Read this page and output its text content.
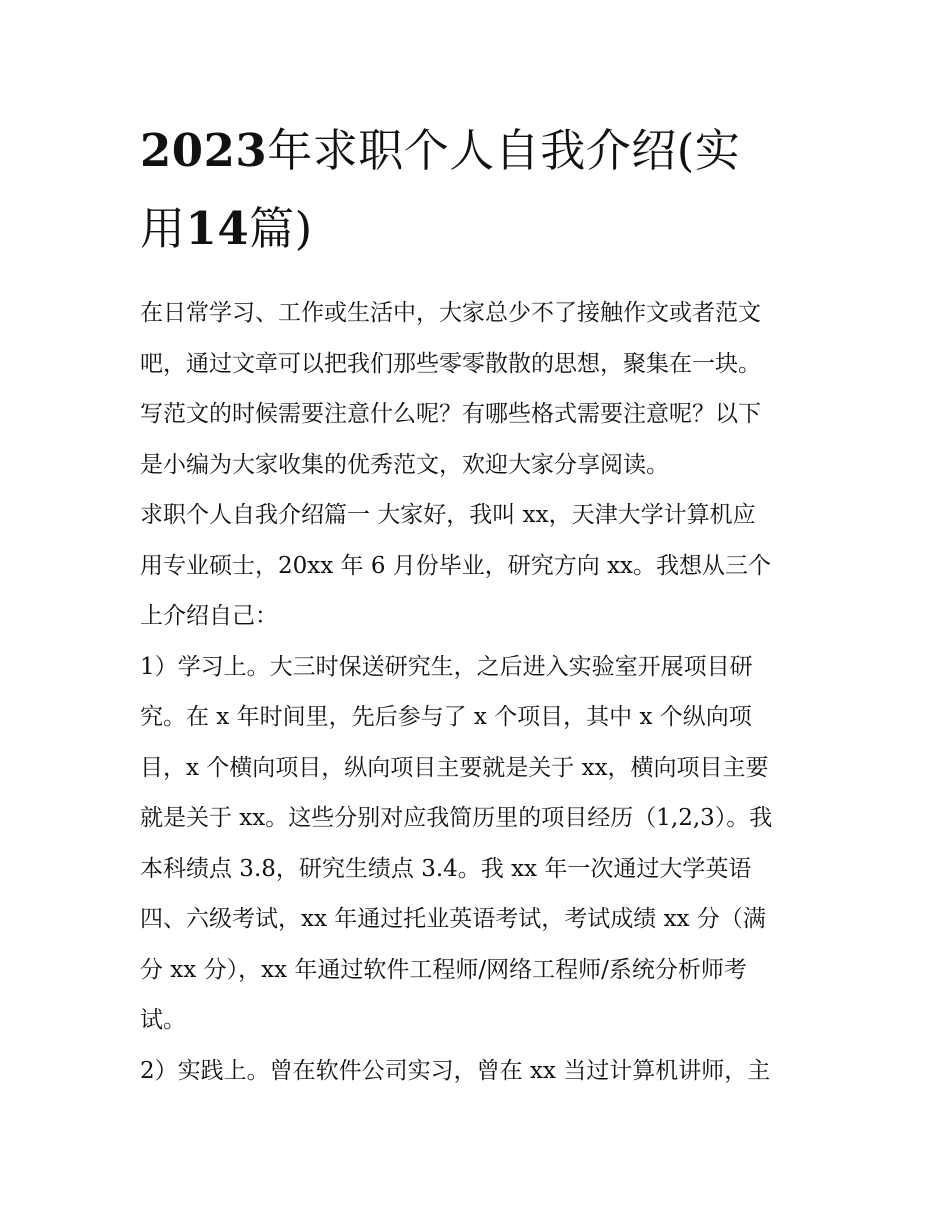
2023年求职个人自我介绍(实
用14篇)
在日常学习、工作或生活中，大家总少不了接触作文或者范文
吧，通过文章可以把我们那些零零散散的思想，聚集在一块。
写范文的时候需要注意什么呢？有哪些格式需要注意呢？以下
是小编为大家收集的优秀范文，欢迎大家分享阅读。
求职个人自我介绍篇一 大家好，我叫 xx，天津大学计算机应
用专业硕士，20xx 年 6 月份毕业，研究方向 xx。我想从三个
上介绍自己：
1）学习上。大三时保送研究生，之后进入实验室开展项目研
究。在 x 年时间里，先后参与了 x 个项目，其中 x 个纵向项
目，x 个横向项目，纵向项目主要就是关于 xx，横向项目主要
就是关于 xx。这些分别对应我简历里的项目经历（1,2,3）。我
本科绩点 3.8，研究生绩点 3.4。我 xx 年一次通过大学英语
四、六级考试，xx 年通过托业英语考试，考试成绩 xx 分（满
分 xx 分），xx 年通过软件工程师/网络工程师/系统分析师考
试。
2）实践上。曾在软件公司实习，曾在 xx 当过计算机讲师，主
